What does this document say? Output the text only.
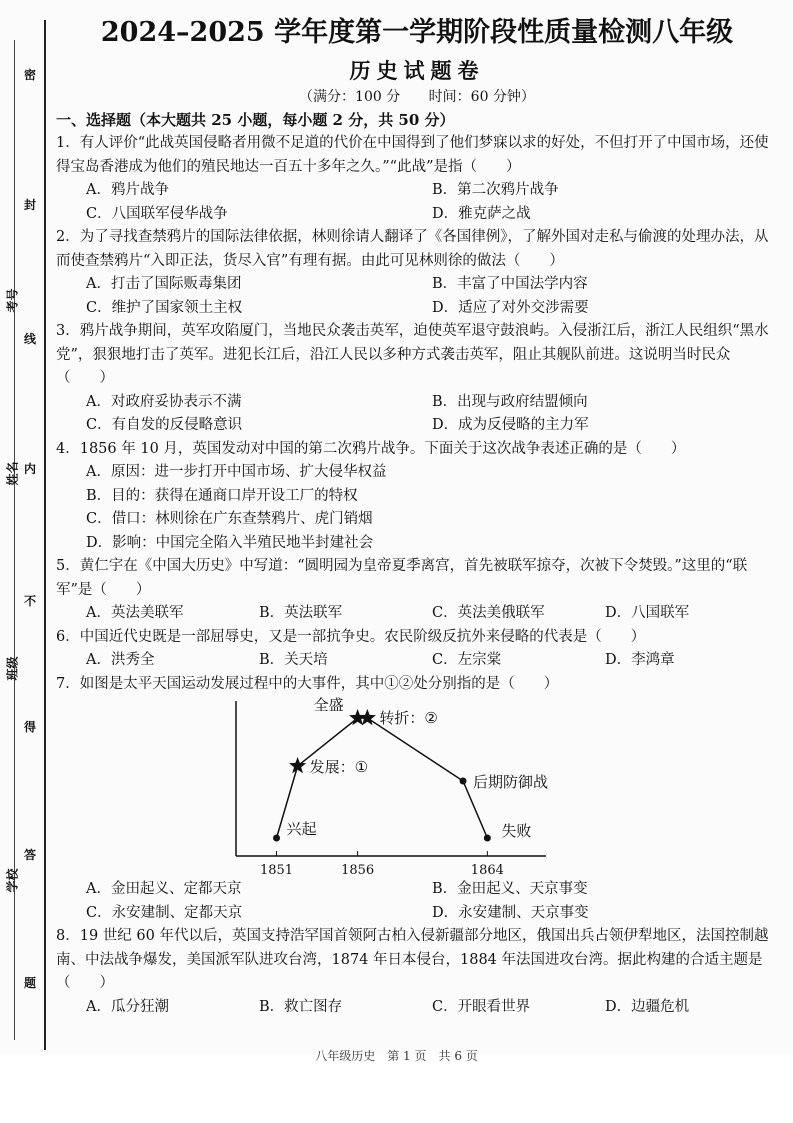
密
封
线
内
不
得
答
题
考号
姓名
班级
学校
2024–2025 学年度第一学期阶段性质量检测八年级
历史试题卷
（满分：100 分 时间：60 分钟）
一、选择题（本大题共 25 小题，每小题 2 分，共 50 分）
1．有人评价“此战英国侵略者用微不足道的代价在中国得到了他们梦寐以求的好处，不但打开了中国市场，还使得宝岛香港成为他们的殖民地达一百五十多年之久。”“此战”是指（　　）
A．鸦片战争	B．第二次鸦片战争
C．八国联军侵华战争	D．雅克萨之战
2．为了寻找查禁鸦片的国际法律依据，林则徐请人翻译了《各国律例》，了解外国对走私与偷渡的处理办法，从而使查禁鸦片“入即正法，货尽入官”有理有据。由此可见林则徐的做法（　　）
A．打击了国际贩毒集团	B．丰富了中国法学内容
C．维护了国家领土主权	D．适应了对外交涉需要
3．鸦片战争期间，英军攻陷厦门，当地民众袭击英军，迫使英军退守鼓浪屿。入侵浙江后，浙江人民组织“黑水党”，狠狠地打击了英军。进犯长江后，沿江人民以多种方式袭击英军，阻止其舰队前进。这说明当时民众（　　）
A．对政府妥协表示不满	B．出现与政府结盟倾向
C．有自发的反侵略意识	D．成为反侵略的主力军
4．1856 年 10 月，英国发动对中国的第二次鸦片战争。下面关于这次战争表述正确的是（　　）
A．原因：进一步打开中国市场、扩大侵华权益
B．目的：获得在通商口岸开设工厂的特权
C．借口：林则徐在广东查禁鸦片、虎门销烟
D．影响：中国完全陷入半殖民地半封建社会
5．黄仁宇在《中国大历史》中写道：“圆明园为皇帝夏季离宫，首先被联军掠夺，次被下令焚毁。”这里的“联军”是（　　）
A．英法美联军	B．英法联军	C．英法美俄联军	D．八国联军
6．中国近代史既是一部屈辱史，又是一部抗争史。农民阶级反抗外来侵略的代表是（　　）
A．洪秀全	B．关天培	C．左宗棠	D．李鸿章
7．如图是太平天国运动发展过程中的大事件，其中①②处分别指的是（　　）
1851	1856	1864
兴起
发展：①
全盛
转折：②
后期防御战
失败
A．金田起义、定都天京	B．金田起义、天京事变
C．永安建制、定都天京	D．永安建制、天京事变
8．19 世纪 60 年代以后，英国支持浩罕国首领阿古柏入侵新疆部分地区，俄国出兵占领伊犁地区，法国控制越南、中法战争爆发，美国派军队进攻台湾，1874 年日本侵台，1884 年法国进攻台湾。据此构建的合适主题是（　　）
A．瓜分狂潮	B．救亡图存	C．开眼看世界	D．边疆危机
八年级历史　第 1 页　共 6 页
